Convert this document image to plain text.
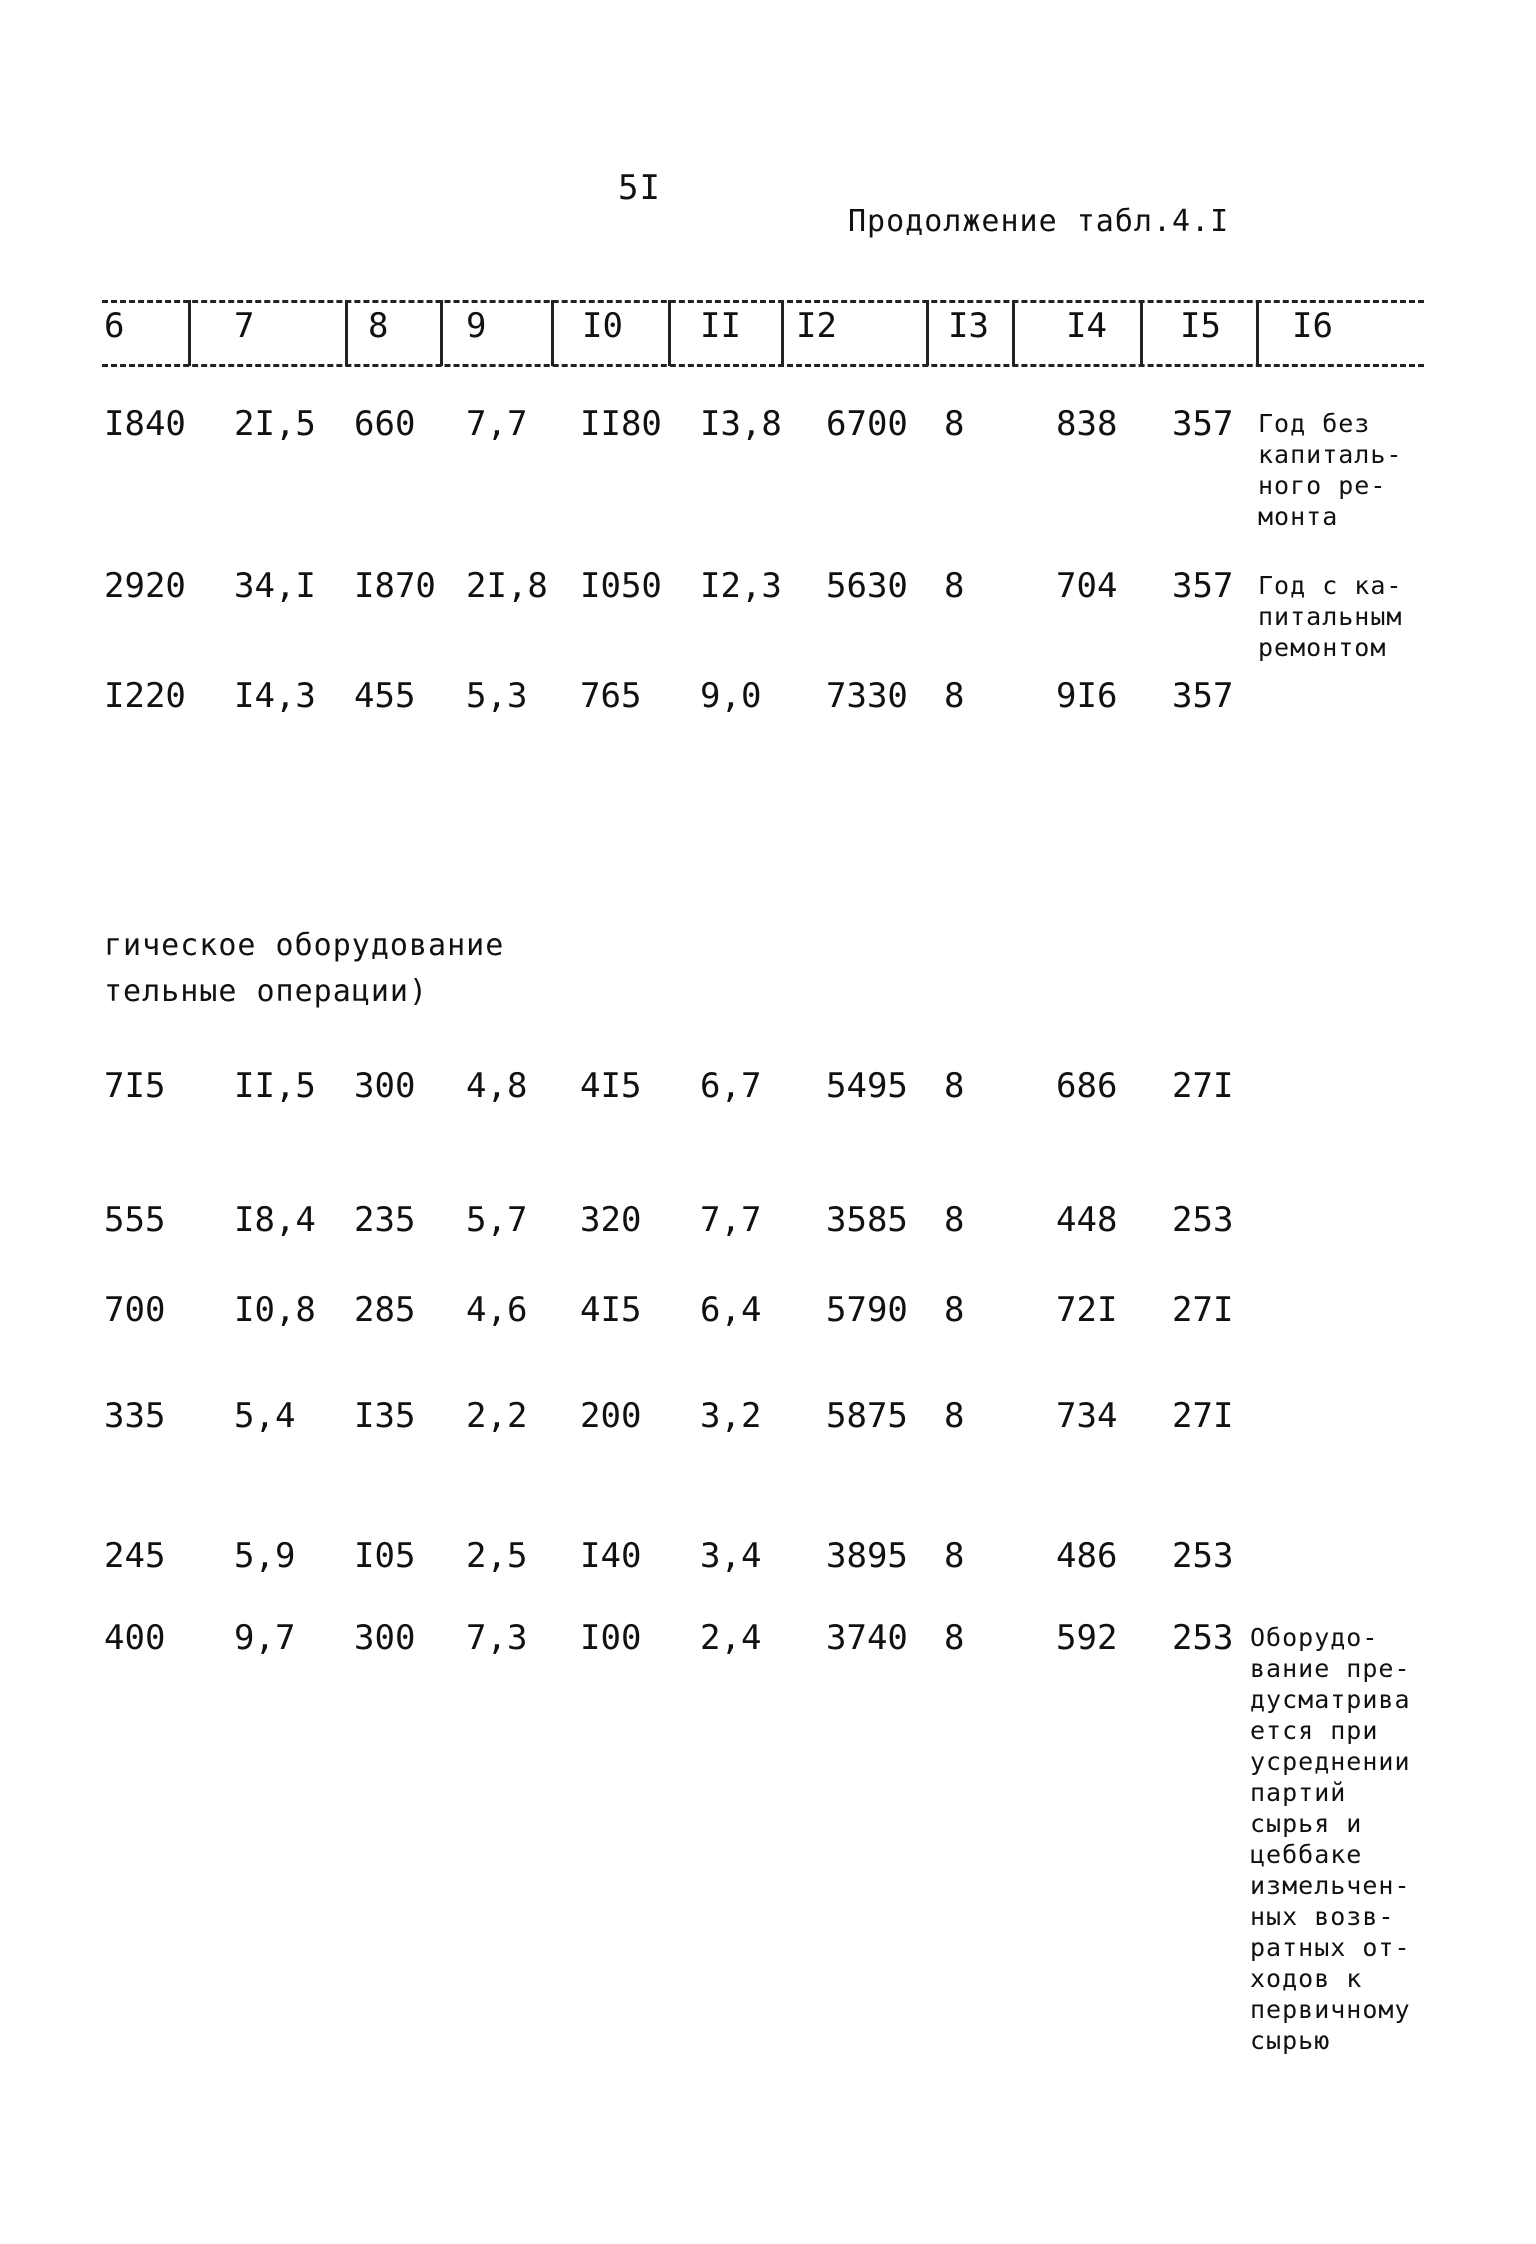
5I
Продолжение табл.4.I
6	7	8 9	I0 II I2	I3 I4 I5 I6
I840 2I,5 660 7,7 II80 I3,8 6700 8	838 357 Год без
капиталь-
ного ре-
монта
2920 34,I I870 2I,8 I050 I2,3 5630 8	704 357 Год с ка-
питальным
ремонтом
I220 I4,3 455 5,3 765 9,0 7330 8	9I6 357
гическое оборудование
тельные операции)
7I5 II,5 300 4,8 4I5 6,7 5495 8	686 27I
555 I8,4 235 5,7 320 7,7 3585 8	448 253
700 I0,8 285 4,6 4I5 6,4 5790 8	72I 27I
335 5,4 I35 2,2 200 3,2 5875 8	734 27I
245 5,9 I05 2,5 I40 3,4 3895 8	486 253
400 9,7 300 7,3 I00 2,4 3740 8	592 253 Оборудо-
вание пре-
дусматрива
ется при
усреднении
партий
сырья и
цеббаке
измельчен-
ных возв-
ратных от-
ходов к
первичному
сырью
